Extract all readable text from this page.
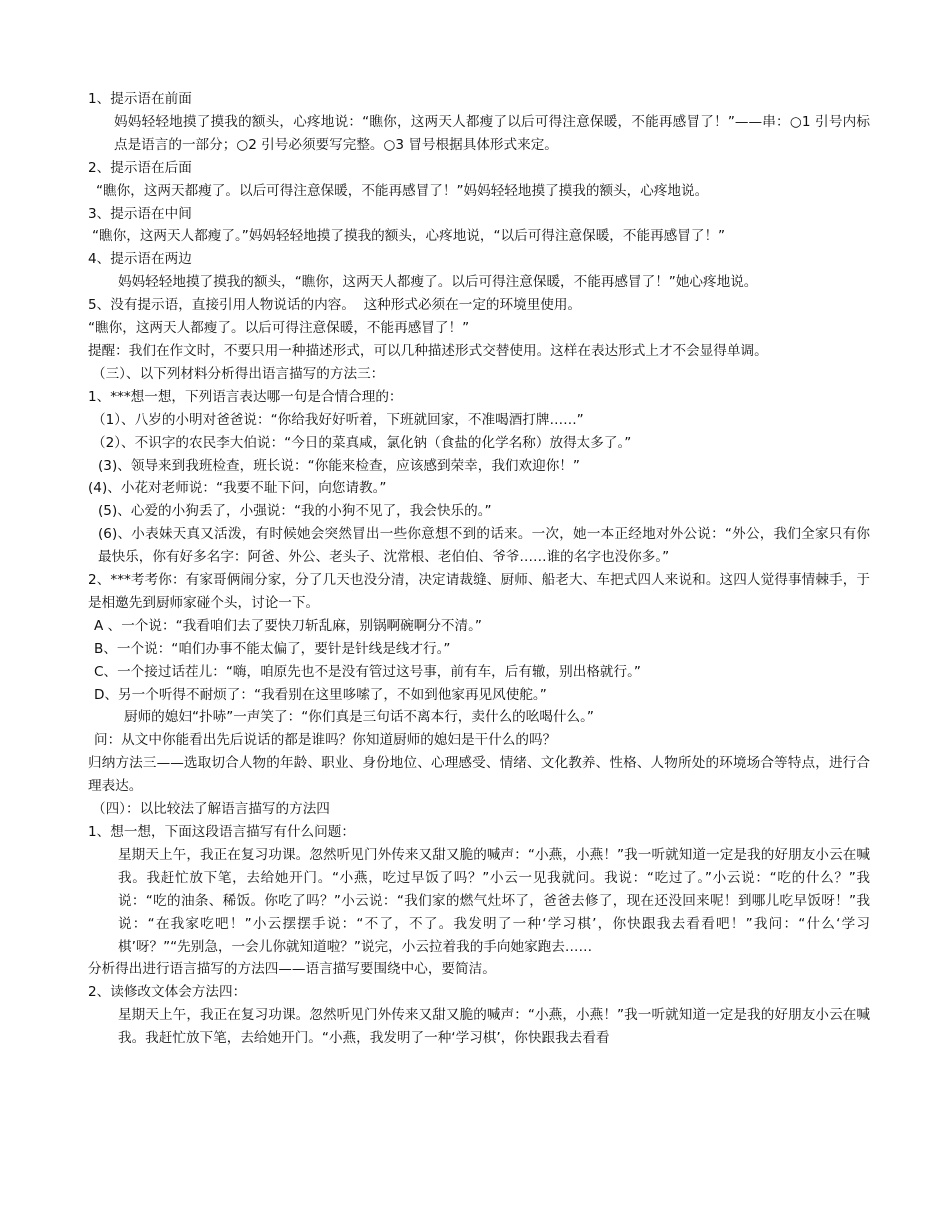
1、提示语在前面

妈妈轻轻地摸了摸我的额头，心疼地说：“瞧你，这两天人都瘦了以后可得注意保暖，不能再感冒了！”——串：○1 引号内标点是语言的一部分；○2 引号必须要写完整。○3 冒号根据具体形式来定。

2、提示语在后面

“瞧你，这两天都瘦了。以后可得注意保暖，不能再感冒了！”妈妈轻轻地摸了摸我的额头，心疼地说。

3、提示语在中间

“瞧你，这两天人都瘦了。”妈妈轻轻地摸了摸我的额头，心疼地说，“以后可得注意保暖，不能再感冒了！”

4、提示语在两边

妈妈轻轻地摸了摸我的额头，“瞧你，这两天人都瘦了。以后可得注意保暖，不能再感冒了！”她心疼地说。

5、没有提示语，直接引用人物说话的内容。  这种形式必须在一定的环境里使用。

“瞧你，这两天人都瘦了。以后可得注意保暖，不能再感冒了！”

提醒：我们在作文时，不要只用一种描述形式，可以几种描述形式交替使用。这样在表达形式上才不会显得单调。

（三）、以下列材料分析得出语言描写的方法三：

1、***想一想，下列语言表达哪一句是合情合理的：

（1）、八岁的小明对爸爸说：“你给我好好听着，下班就回家，不准喝酒打牌……”

（2）、不识字的农民李大伯说：“今日的菜真咸，氯化钠（食盐的化学名称）放得太多了。”

(3)、领导来到我班检查，班长说：“你能来检查，应该感到荣幸，我们欢迎你！”

(4)、小花对老师说：“我要不耻下问，向您请教。”

(5)、心爱的小狗丢了，小强说：“我的小狗不见了，我会快乐的。”

(6)、小表妹天真又活泼，有时候她会突然冒出一些你意想不到的话来。一次，她一本正经地对外公说：“外公，我们全家只有你最快乐，你有好多名字：阿爸、外公、老头子、沈常根、老伯伯、爷爷……谁的名字也没你多。”

2、***考考你：有家哥俩闹分家，分了几天也没分清，决定请裁缝、厨师、船老大、车把式四人来说和。这四人觉得事情棘手，于是相邀先到厨师家碰个头，讨论一下。

A 、一个说：“我看咱们去了要快刀斩乱麻，别锅啊碗啊分不清。”

B、一个说：“咱们办事不能太偏了，要针是针线是线才行。”

C、一个接过话茬儿：“嗨，咱原先也不是没有管过这号事，前有车，后有辙，别出格就行。”

D、另一个听得不耐烦了：“我看别在这里哆嗦了，不如到他家再见风使舵。”

厨师的媳妇“扑哧”一声笑了：“你们真是三句话不离本行，卖什么的吆喝什么。”

问：从文中你能看出先后说话的都是谁吗？你知道厨师的媳妇是干什么的吗？

归纳方法三——选取切合人物的年龄、职业、身份地位、心理感受、情绪、文化教养、性格、人物所处的环境场合等特点，进行合理表达。

（四）：以比较法了解语言描写的方法四

1、想一想，下面这段语言描写有什么问题：

星期天上午，我正在复习功课。忽然听见门外传来又甜又脆的喊声：“小燕，小燕！”我一听就知道一定是我的好朋友小云在喊我。我赶忙放下笔，去给她开门。“小燕，吃过早饭了吗？”小云一见我就问。我说：“吃过了。”小云说：“吃的什么？”我说：“吃的油条、稀饭。你吃了吗？”小云说：“我们家的燃气灶坏了，爸爸去修了，现在还没回来呢！到哪儿吃早饭呀！”我说：“在我家吃吧！”小云摆摆手说：“不了，不了。我发明了一种‘学习棋’，你快跟我去看看吧！”我问：“什么‘学习棋’呀？”“先别急，一会儿你就知道啦？”说完，小云拉着我的手向她家跑去……

分析得出进行语言描写的方法四——语言描写要围绕中心，要简洁。

2、读修改文体会方法四：

星期天上午，我正在复习功课。忽然听见门外传来又甜又脆的喊声：“小燕，小燕！”我一听就知道一定是我的好朋友小云在喊我。我赶忙放下笔，去给她开门。“小燕，我发明了一种‘学习棋’，你快跟我去看看
